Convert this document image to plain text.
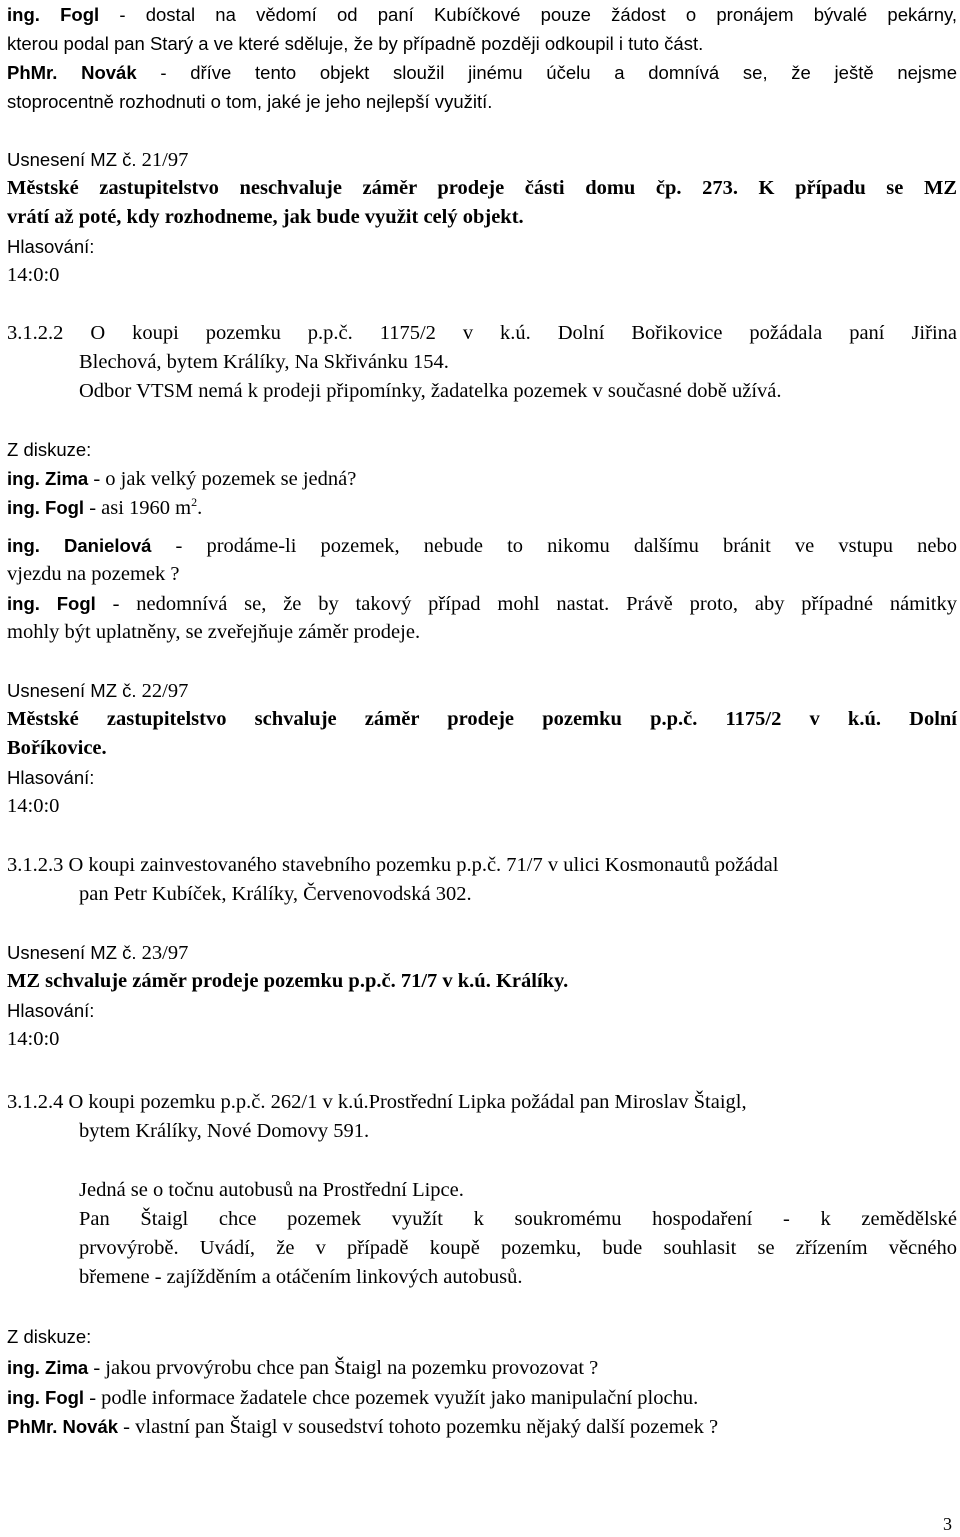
ing. Fogl - dostal na vědomí od paní Kubíčkové pouze žádost o pronájem bývalé pekárny,
kterou podal pan Starý a ve které sděluje, že by případně později odkoupil i tuto část.
PhMr. Novák - dříve tento objekt sloužil jinému účelu a domnívá se, že ještě nejsme
stoprocentně rozhodnuti o tom, jaké je jeho nejlepší využití.
Usnesení MZ č. 21/97
Městské zastupitelstvo neschvaluje záměr prodeje části domu čp. 273. K případu se MZ
vrátí až poté, kdy rozhodneme, jak bude využit celý objekt.
Hlasování:
14:0:0
3.1.2.2 O koupi pozemku p.p.č. 1175/2 v k.ú. Dolní Bořikovice požádala paní Jiřina
Blechová, bytem Králíky, Na Skřivánku 154.
Odbor VTSM nemá k prodeji připomínky, žadatelka pozemek v současné době užívá.
Z diskuze:
ing. Zima - o jak velký pozemek se jedná?
ing. Fogl - asi 1960 $m^2$.
ing. Danielová - prodáme-li pozemek, nebude to nikomu dalšímu bránit ve vstupu nebo
vjezdu na pozemek ?
ing. Fogl - nedomnívá se, že by takový případ mohl nastat. Právě proto, aby případné námitky
mohly být uplatněny, se zveřejňuje záměr prodeje.
Usnesení MZ č. 22/97
Městské zastupitelstvo schvaluje záměr prodeje pozemku p.p.č. 1175/2 v k.ú. Dolní
Boříkovice.
Hlasování:
14:0:0
3.1.2.3 O koupi zainvestovaného stavebního pozemku p.p.č. 71/7 v ulici Kosmonautů požádal
pan Petr Kubíček, Králíky, Červenovodská 302.
Usnesení MZ č. 23/97
MZ schvaluje záměr prodeje pozemku p.p.č. 71/7 v k.ú. Králíky.
Hlasování:
14:0:0
3.1.2.4 O koupi pozemku p.p.č. 262/1 v k.ú.Prostřední Lipka požádal pan Miroslav Štaigl,
bytem Králíky, Nové Domovy 591.
Jedná se o točnu autobusů na Prostřední Lipce.
Pan Štaigl chce pozemek využít k soukromému hospodaření - k zemědělské
prvovýrobě. Uvádí, že v případě koupě pozemku, bude souhlasit se zřízením věcného
břemene - zajížděním a otáčením linkových autobusů.
Z diskuze:
ing. Zima - jakou prvovýrobu chce pan Štaigl na pozemku provozovat ?
ing. Fogl - podle informace žadatele chce pozemek využít jako manipulační plochu.
PhMr. Novák - vlastní pan Štaigl v sousedství tohoto pozemku nějaký další pozemek ?
3
